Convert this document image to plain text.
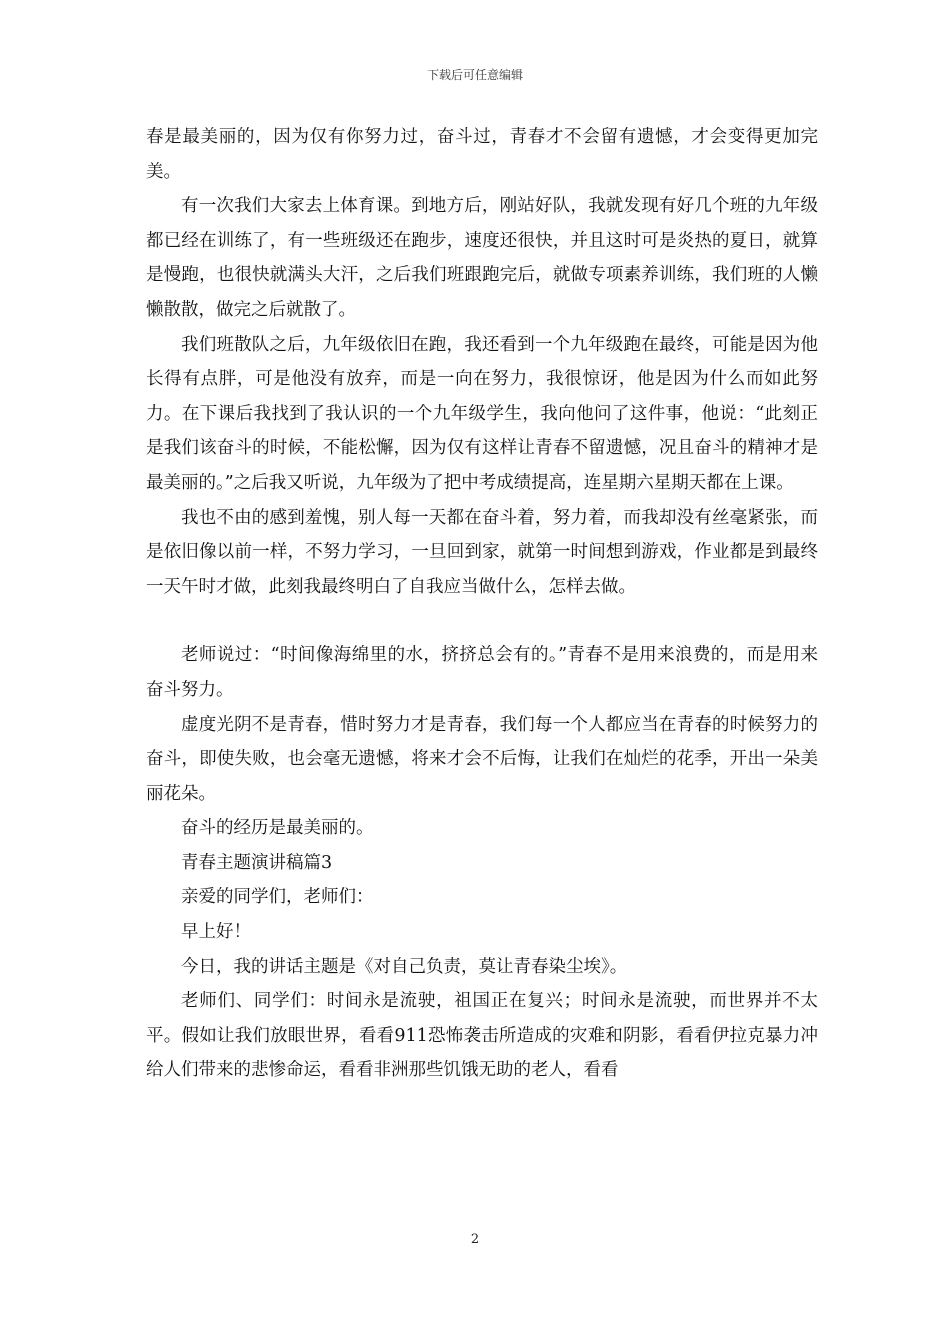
下载后可任意编辑

春是最美丽的，因为仅有你努力过，奋斗过，青春才不会留有遗憾，才会变得更加完美。

有一次我们大家去上体育课。到地方后，刚站好队，我就发现有好几个班的九年级都已经在训练了，有一些班级还在跑步，速度还很快，并且这时可是炎热的夏日，就算是慢跑，也很快就满头大汗，之后我们班跟跑完后，就做专项素养训练，我们班的人懒懒散散，做完之后就散了。

我们班散队之后，九年级依旧在跑，我还看到一个九年级跑在最终，可能是因为他长得有点胖，可是他没有放弃，而是一向在努力，我很惊讶，他是因为什么而如此努力。在下课后我找到了我认识的一个九年级学生，我向他问了这件事，他说：“此刻正是我们该奋斗的时候，不能松懈，因为仅有这样让青春不留遗憾，况且奋斗的精神才是最美丽的。”之后我又听说，九年级为了把中考成绩提高，连星期六星期天都在上课。

我也不由的感到羞愧，别人每一天都在奋斗着，努力着，而我却没有丝毫紧张，而是依旧像以前一样，不努力学习，一旦回到家，就第一时间想到游戏，作业都是到最终一天午时才做，此刻我最终明白了自我应当做什么，怎样去做。

老师说过：“时间像海绵里的水，挤挤总会有的。”青春不是用来浪费的，而是用来奋斗努力。

虚度光阴不是青春，惜时努力才是青春，我们每一个人都应当在青春的时候努力的奋斗，即使失败，也会毫无遗憾，将来才会不后悔，让我们在灿烂的花季，开出一朵美丽花朵。

奋斗的经历是最美丽的。

青春主题演讲稿篇3

亲爱的同学们，老师们：

早上好！

今日，我的讲话主题是《对自己负责，莫让青春染尘埃》。

老师们、同学们：时间永是流驶，祖国正在复兴；时间永是流驶，而世界并不太平。假如让我们放眼世界，看看911恐怖袭击所造成的灾难和阴影，看看伊拉克暴力冲给人们带来的悲惨命运，看看非洲那些饥饿无助的老人，看看

2
